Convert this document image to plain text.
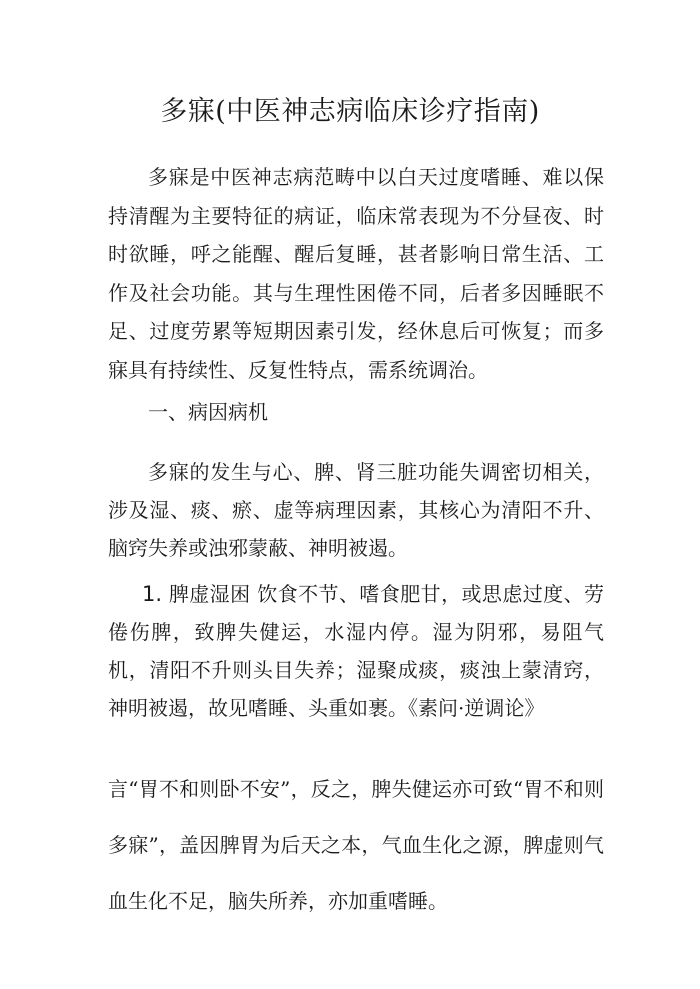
多寐(中医神志病临床诊疗指南)

多寐是中医神志病范畴中以白天过度嗜睡、难以保持清醒为主要特征的病证，临床常表现为不分昼夜、时时欲睡，呼之能醒、醒后复睡，甚者影响日常生活、工作及社会功能。其与生理性困倦不同，后者多因睡眠不足、过度劳累等短期因素引发，经休息后可恢复；而多寐具有持续性、反复性特点，需系统调治。

一、病因病机

多寐的发生与心、脾、肾三脏功能失调密切相关，涉及湿、痰、瘀、虚等病理因素，其核心为清阳不升、脑窍失养或浊邪蒙蔽、神明被遏。

1. 脾虚湿困 饮食不节、嗜食肥甘，或思虑过度、劳倦伤脾，致脾失健运，水湿内停。湿为阴邪，易阻气机，清阳不升则头目失养；湿聚成痰，痰浊上蒙清窍，神明被遏，故见嗜睡、头重如裹。《素问·逆调论》

言“胃不和则卧不安”，反之，脾失健运亦可致“胃不和则多寐”，盖因脾胃为后天之本，气血生化之源，脾虚则气血生化不足，脑失所养，亦加重嗜睡。
